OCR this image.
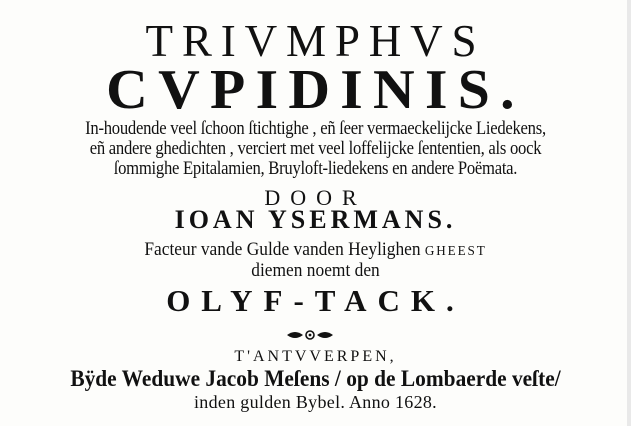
TRIVMPHVS
CVPIDINIS.
In-houdende veel ſchoon ſtichtighe , eñ ſeer vermaeckelijcke Liedekens,
eñ andere ghedichten , verciert met veel loffelijcke ſententien, als oock
ſommighe Epitalamien, Bruyloft-liedekens en andere Poëmata.
DOOR
IOAN YSERMANS.
Facteur vande Gulde vanden Heylighen GHEEST
diemen noemt den
OLYF-TACK.
T'ANTVVERPEN,
Bÿde Weduwe Jacob Meſens / op de Lombaerde veſte/
inden gulden Bybel. Anno 1628.
